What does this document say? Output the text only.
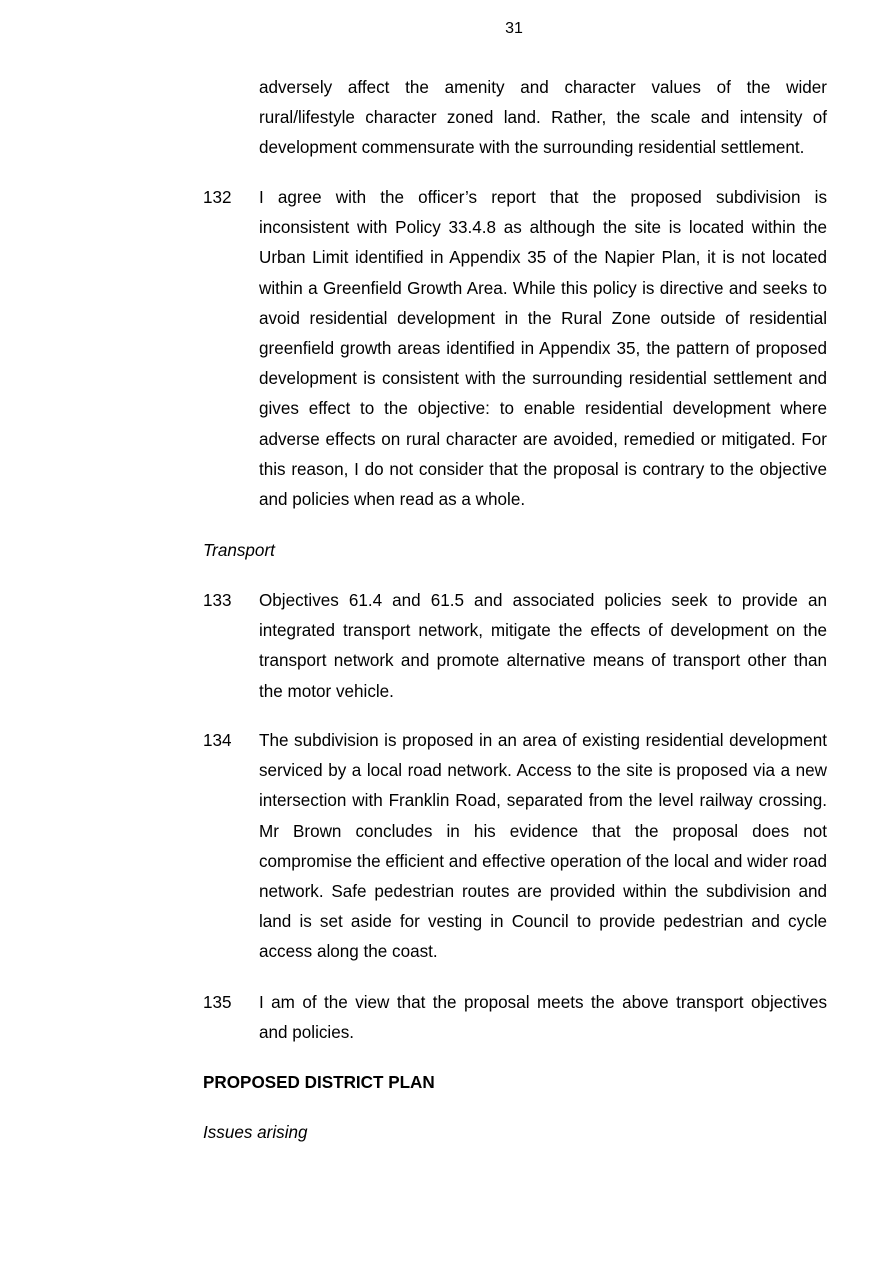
31
adversely affect the amenity and character values of the wider rural/lifestyle character zoned land. Rather, the scale and intensity of development commensurate with the surrounding residential settlement.
132 I agree with the officer’s report that the proposed subdivision is inconsistent with Policy 33.4.8 as although the site is located within the Urban Limit identified in Appendix 35 of the Napier Plan, it is not located within a Greenfield Growth Area. While this policy is directive and seeks to avoid residential development in the Rural Zone outside of residential greenfield growth areas identified in Appendix 35, the pattern of proposed development is consistent with the surrounding residential settlement and gives effect to the objective: to enable residential development where adverse effects on rural character are avoided, remedied or mitigated. For this reason, I do not consider that the proposal is contrary to the objective and policies when read as a whole.
Transport
133 Objectives 61.4 and 61.5 and associated policies seek to provide an integrated transport network, mitigate the effects of development on the transport network and promote alternative means of transport other than the motor vehicle.
134 The subdivision is proposed in an area of existing residential development serviced by a local road network. Access to the site is proposed via a new intersection with Franklin Road, separated from the level railway crossing. Mr Brown concludes in his evidence that the proposal does not compromise the efficient and effective operation of the local and wider road network. Safe pedestrian routes are provided within the subdivision and land is set aside for vesting in Council to provide pedestrian and cycle access along the coast.
135 I am of the view that the proposal meets the above transport objectives and policies.
PROPOSED DISTRICT PLAN
Issues arising
